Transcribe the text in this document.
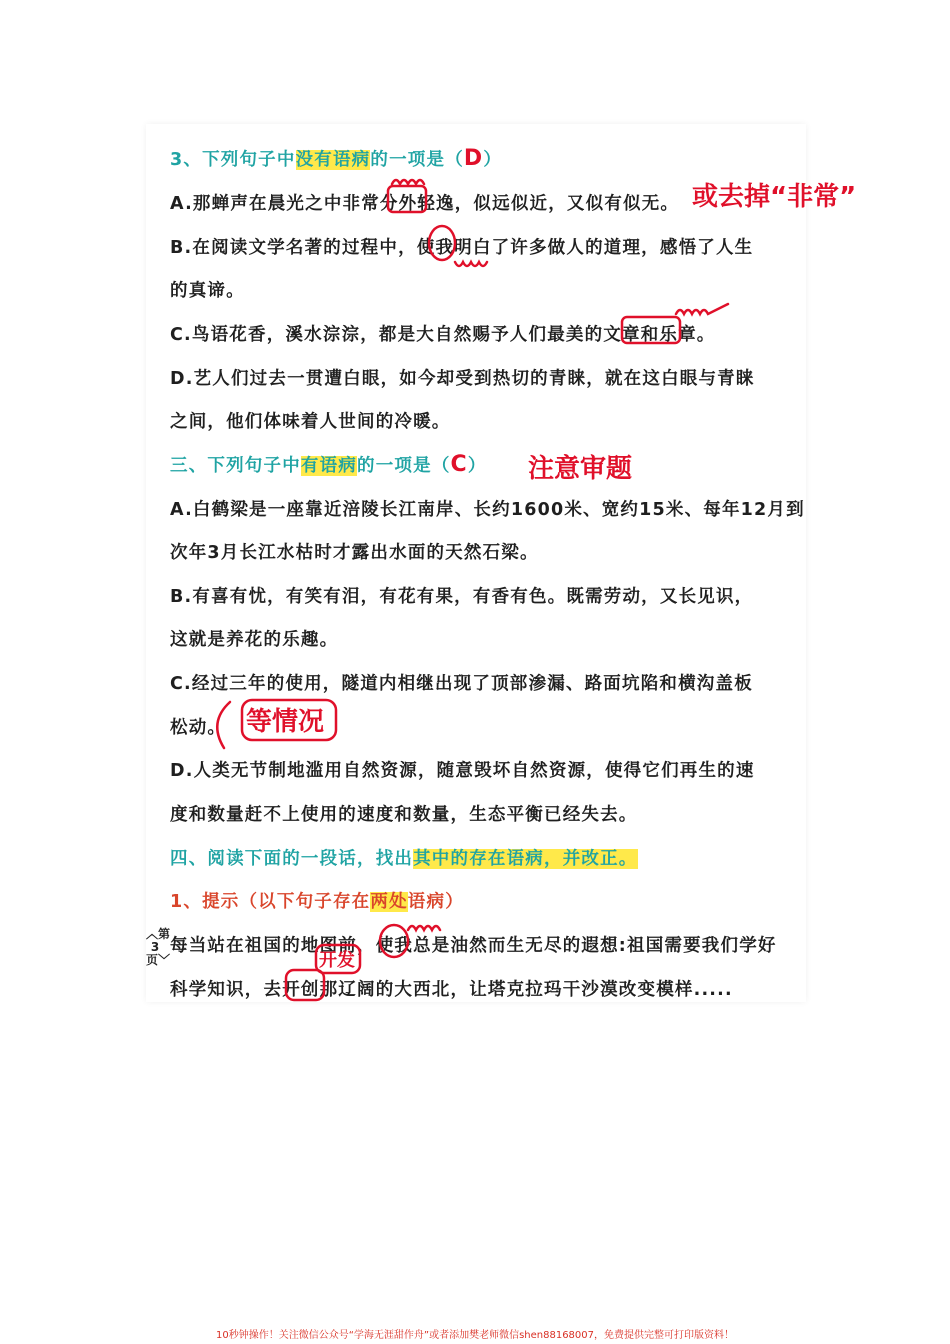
3、下列句子中没有语病的一项是（D）
A.那蝉声在晨光之中非常分外轻逸，似远似近，又似有似无。
B.在阅读文学名著的过程中，使我明白了许多做人的道理，感悟了人生
的真谛。
C.鸟语花香，溪水淙淙，都是大自然赐予人们最美的文章和乐章。
D.艺人们过去一贯遭白眼，如今却受到热切的青睐，就在这白眼与青睐
之间，他们体味着人世间的冷暖。
三、下列句子中有语病的一项是（C）
A.白鹤梁是一座靠近涪陵长江南岸、长约1600米、宽约15米、每年12月到
次年3月长江水枯时才露出水面的天然石梁。
B.有喜有忧，有笑有泪，有花有果，有香有色。既需劳动，又长见识，
这就是养花的乐趣。
C.经过三年的使用，隧道内相继出现了顶部渗漏、路面坑陷和横沟盖板
松动。
D.人类无节制地滥用自然资源，随意毁坏自然资源，使得它们再生的速
度和数量赶不上使用的速度和数量，生态平衡已经失去。
四、阅读下面的一段话，找出其中的存在语病，并改正。
1、提示（以下句子存在两处语病）
每当站在祖国的地图前，使我总是油然而生无尽的遐想:祖国需要我们学好
科学知识，去开创那辽阔的大西北，让塔克拉玛干沙漠改变模样.....
︿第3页﹀
或去掉“非常”
注意审题
等情况
开发
10秒钟操作！关注微信公众号“学海无涯甜作舟”或者添加樊老师微信shen88168007，免费提供完整可打印版资料！
